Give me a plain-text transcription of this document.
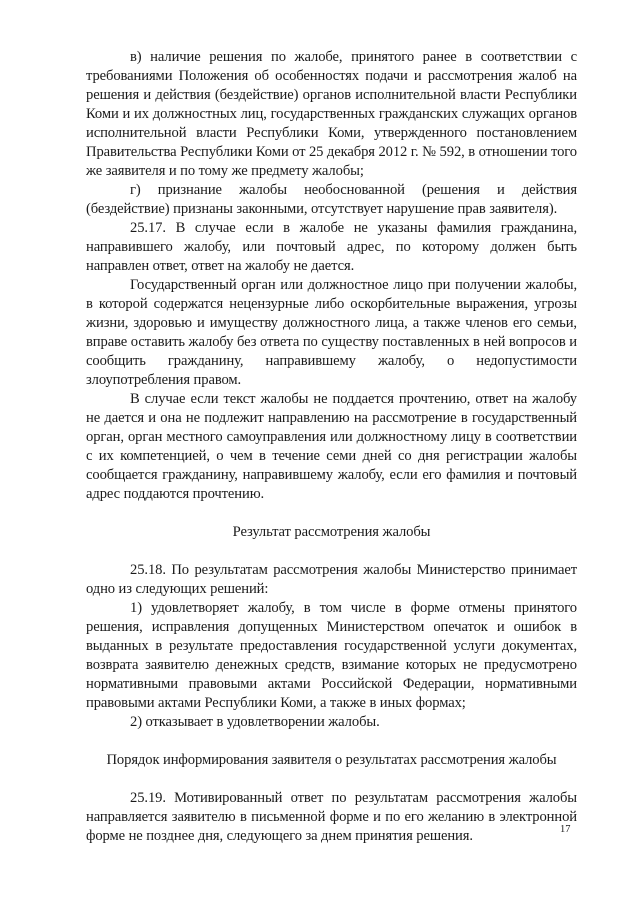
в) наличие решения по жалобе, принятого ранее в соответствии с требованиями Положения об особенностях подачи и рассмотрения жалоб на решения и действия (бездействие) органов исполнительной власти Республики Коми и их должностных лиц, государственных гражданских служащих органов исполнительной власти Республики Коми, утвержденного постановлением Правительства Республики Коми от 25 декабря 2012 г. № 592, в отношении того же заявителя и по тому же предмету жалобы;

г) признание жалобы необоснованной (решения и действия (бездействие) признаны законными, отсутствует нарушение прав заявителя).

25.17. В случае если в жалобе не указаны фамилия гражданина, направившего жалобу, или почтовый адрес, по которому должен быть направлен ответ, ответ на жалобу не дается.

Государственный орган или должностное лицо при получении жалобы, в которой содержатся нецензурные либо оскорбительные выражения, угрозы жизни, здоровью и имуществу должностного лица, а также членов его семьи, вправе оставить жалобу без ответа по существу поставленных в ней вопросов и сообщить гражданину, направившему жалобу, о недопустимости злоупотребления правом.

В случае если текст жалобы не поддается прочтению, ответ на жалобу не дается и она не подлежит направлению на рассмотрение в государственный орган, орган местного самоуправления или должностному лицу в соответствии с их компетенцией, о чем в течение семи дней со дня регистрации жалобы сообщается гражданину, направившему жалобу, если его фамилия и почтовый адрес поддаются прочтению.

Результат рассмотрения жалобы

25.18. По результатам рассмотрения жалобы Министерство принимает одно из следующих решений:

1) удовлетворяет жалобу, в том числе в форме отмены принятого решения, исправления допущенных Министерством опечаток и ошибок в выданных в результате предоставления государственной услуги документах, возврата заявителю денежных средств, взимание которых не предусмотрено нормативными правовыми актами Российской Федерации, нормативными правовыми актами Республики Коми, а также в иных формах;

2) отказывает в удовлетворении жалобы.

Порядок информирования заявителя о результатах рассмотрения жалобы

25.19. Мотивированный ответ по результатам рассмотрения жалобы направляется заявителю в письменной форме и по его желанию в электронной форме не позднее дня, следующего за днем принятия решения.	17
